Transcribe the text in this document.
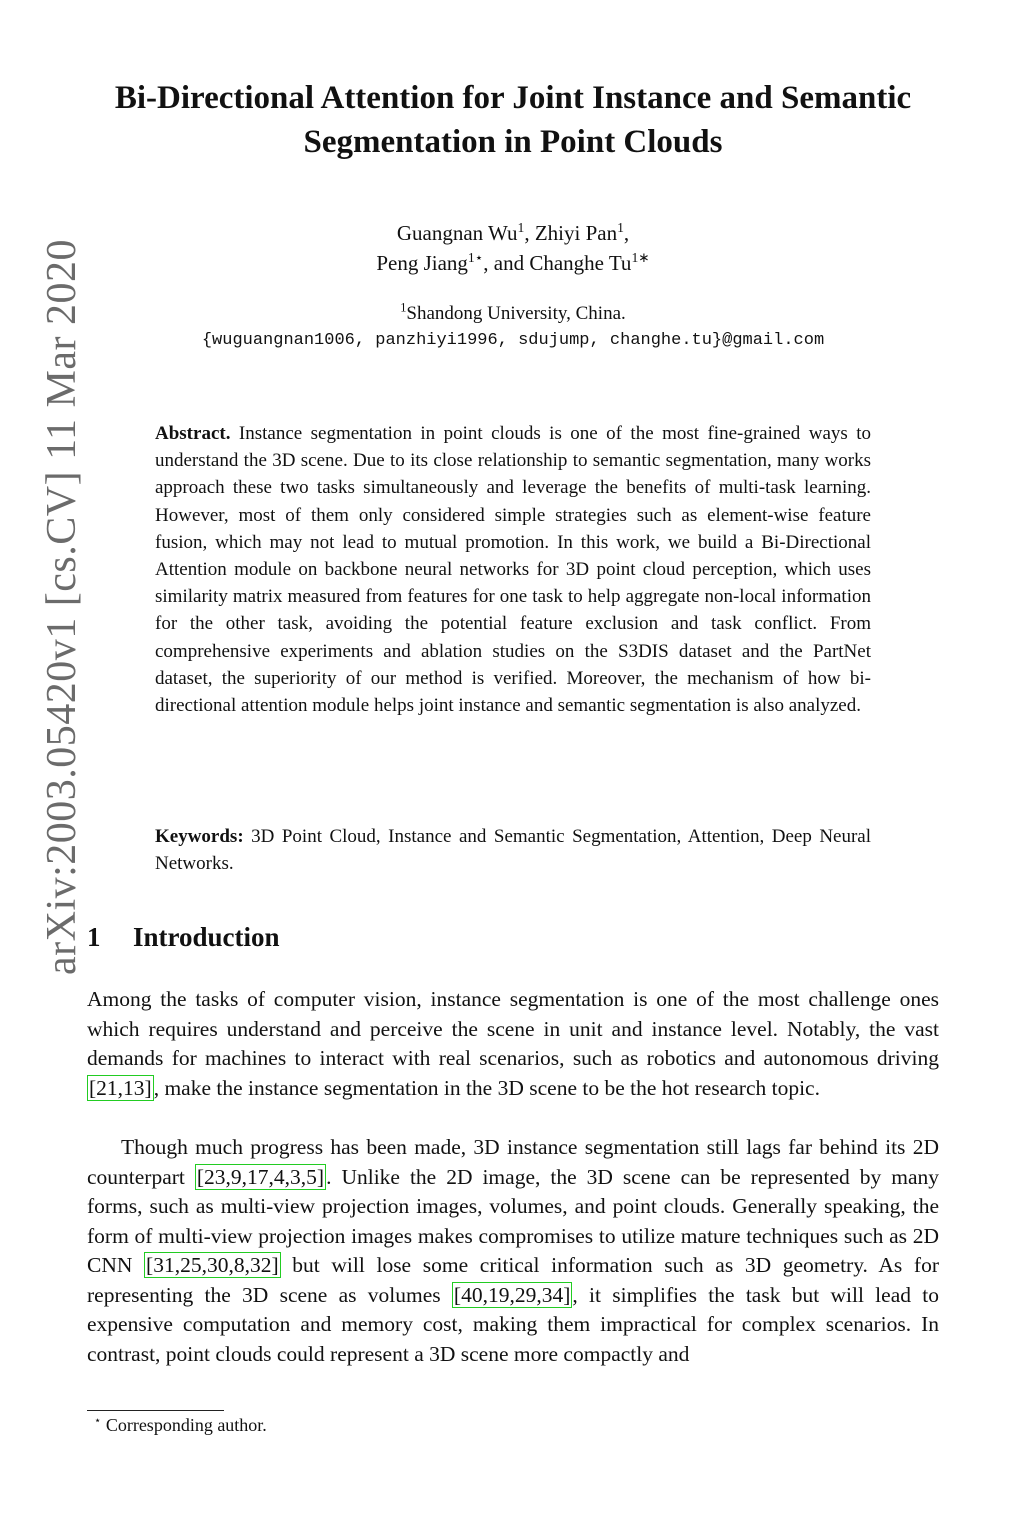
arXiv:2003.05420v1 [cs.CV] 11 Mar 2020
Bi-Directional Attention for Joint Instance and Semantic Segmentation in Point Clouds
Guangnan Wu$^1$, Zhiyi Pan$^1$,
Peng Jiang$^{1⋆}$, and Changhe $Tu^{1∗}$
$^1$Shandong University, China.
{wuguangnan1006, panzhiyi1996, sdujump, changhe.tu}@gmail.com
Abstract. Instance segmentation in point clouds is one of the most fine-grained ways to understand the 3D scene. Due to its close relationship to semantic segmentation, many works approach these two tasks simultaneously and leverage the benefits of multi-task learning. However, most of them only considered simple strategies such as element-wise feature fusion, which may not lead to mutual promotion. In this work, we build a Bi-Directional Attention module on backbone neural networks for 3D point cloud perception, which uses similarity matrix measured from features for one task to help aggregate non-local information for the other task, avoiding the potential feature exclusion and task conflict. From comprehensive experiments and ablation studies on the S3DIS dataset and the PartNet dataset, the superiority of our method is verified. Moreover, the mechanism of how bi-directional attention module helps joint instance and semantic segmentation is also analyzed.
Keywords: 3D Point Cloud, Instance and Semantic Segmentation, Attention, Deep Neural Networks.
1 Introduction
Among the tasks of computer vision, instance segmentation is one of the most challenge ones which requires understand and perceive the scene in unit and instance level. Notably, the vast demands for machines to interact with real scenarios, such as robotics and autonomous driving [21,13], make the instance segmentation in the 3D scene to be the hot research topic.
Though much progress has been made, 3D instance segmentation still lags far behind its 2D counterpart [23,9,17,4,3,5]. Unlike the 2D image, the 3D scene can be represented by many forms, such as multi-view projection images, volumes, and point clouds. Generally speaking, the form of multi-view projection images makes compromises to utilize mature techniques such as 2D CNN [31,25,30,8,32] but will lose some critical information such as 3D geometry. As for representing the 3D scene as volumes [40,19,29,34], it simplifies the task but will lead to expensive computation and memory cost, making them impractical for complex scenarios. In contrast, point clouds could represent a 3D scene more compactly and
⋆ Corresponding author.
